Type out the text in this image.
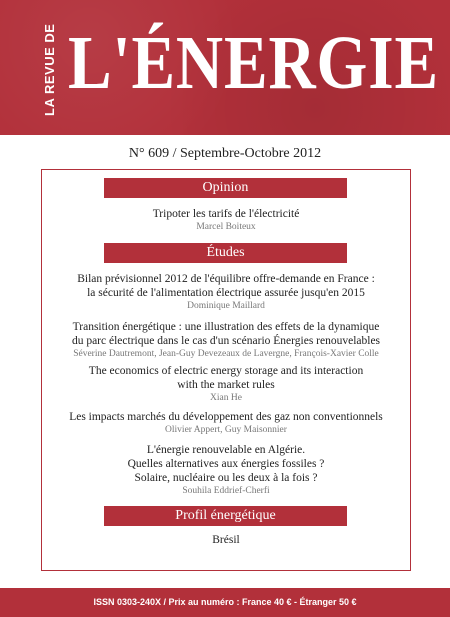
LA REVUE DE L'ÉNERGIE
N° 609 / Septembre-Octobre 2012
Opinion
Tripoter les tarifs de l'électricité
Marcel Boiteux
Études
Bilan prévisionnel 2012 de l'équilibre offre-demande en France :
la sécurité de l'alimentation électrique assurée jusqu'en 2015
Dominique Maillard
Transition énergétique : une illustration des effets de la dynamique
du parc électrique dans le cas d'un scénario Énergies renouvelables
Séverine Dautremont, Jean-Guy Devezeaux de Lavergne, François-Xavier Colle
The economics of electric energy storage and its interaction
with the market rules
Xian He
Les impacts marchés du développement des gaz non conventionnels
Olivier Appert, Guy Maisonnier
L'énergie renouvelable en Algérie.
Quelles alternatives aux énergies fossiles ?
Solaire, nucléaire ou les deux à la fois ?
Souhila Eddrief-Cherfi
Profil énergétique
Brésil
ISSN 0303-240X / Prix au numéro : France 40 € - Étranger 50 €
